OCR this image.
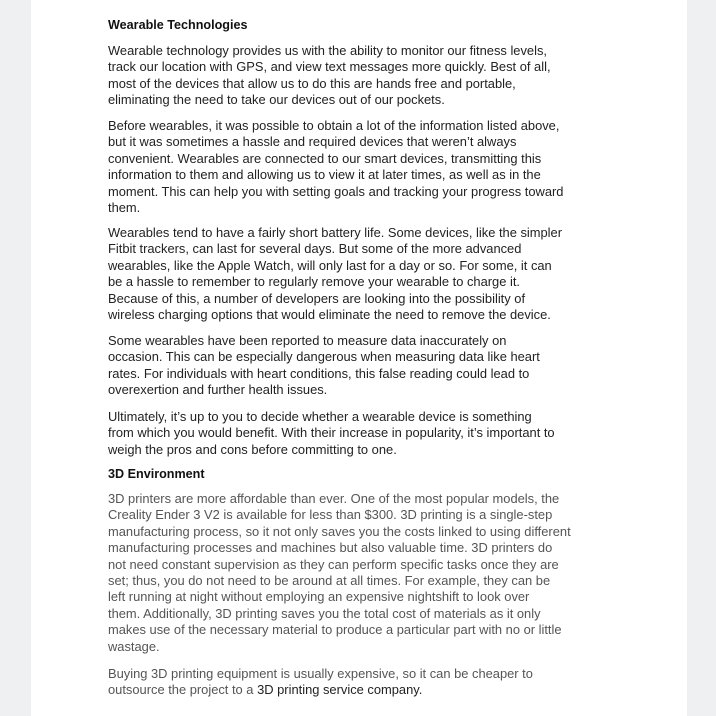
Wearable Technologies
Wearable technology provides us with the ability to monitor our fitness levels,
track our location with GPS, and view text messages more quickly. Best of all,
most of the devices that allow us to do this are hands free and portable,
eliminating the need to take our devices out of our pockets.
Before wearables, it was possible to obtain a lot of the information listed above,
but it was sometimes a hassle and required devices that weren’t always
convenient. Wearables are connected to our smart devices, transmitting this
information to them and allowing us to view it at later times, as well as in the
moment. This can help you with setting goals and tracking your progress toward
them.
Wearables tend to have a fairly short battery life. Some devices, like the simpler
Fitbit trackers, can last for several days. But some of the more advanced
wearables, like the Apple Watch, will only last for a day or so. For some, it can
be a hassle to remember to regularly remove your wearable to charge it.
Because of this, a number of developers are looking into the possibility of
wireless charging options that would eliminate the need to remove the device.
Some wearables have been reported to measure data inaccurately on
occasion. This can be especially dangerous when measuring data like heart
rates. For individuals with heart conditions, this false reading could lead to
overexertion and further health issues.
Ultimately, it’s up to you to decide whether a wearable device is something
from which you would benefit. With their increase in popularity, it’s important to
weigh the pros and cons before committing to one.
3D Environment
3D printers are more affordable than ever. One of the most popular models, the
Creality Ender 3 V2 is available for less than $300. 3D printing is a single-step
manufacturing process, so it not only saves you the costs linked to using different
manufacturing processes and machines but also valuable time. 3D printers do
not need constant supervision as they can perform specific tasks once they are
set; thus, you do not need to be around at all times. For example, they can be
left running at night without employing an expensive nightshift to look over
them. Additionally, 3D printing saves you the total cost of materials as it only
makes use of the necessary material to produce a particular part with no or little
wastage.
Buying 3D printing equipment is usually expensive, so it can be cheaper to
outsource the project to a 3D printing service company.
